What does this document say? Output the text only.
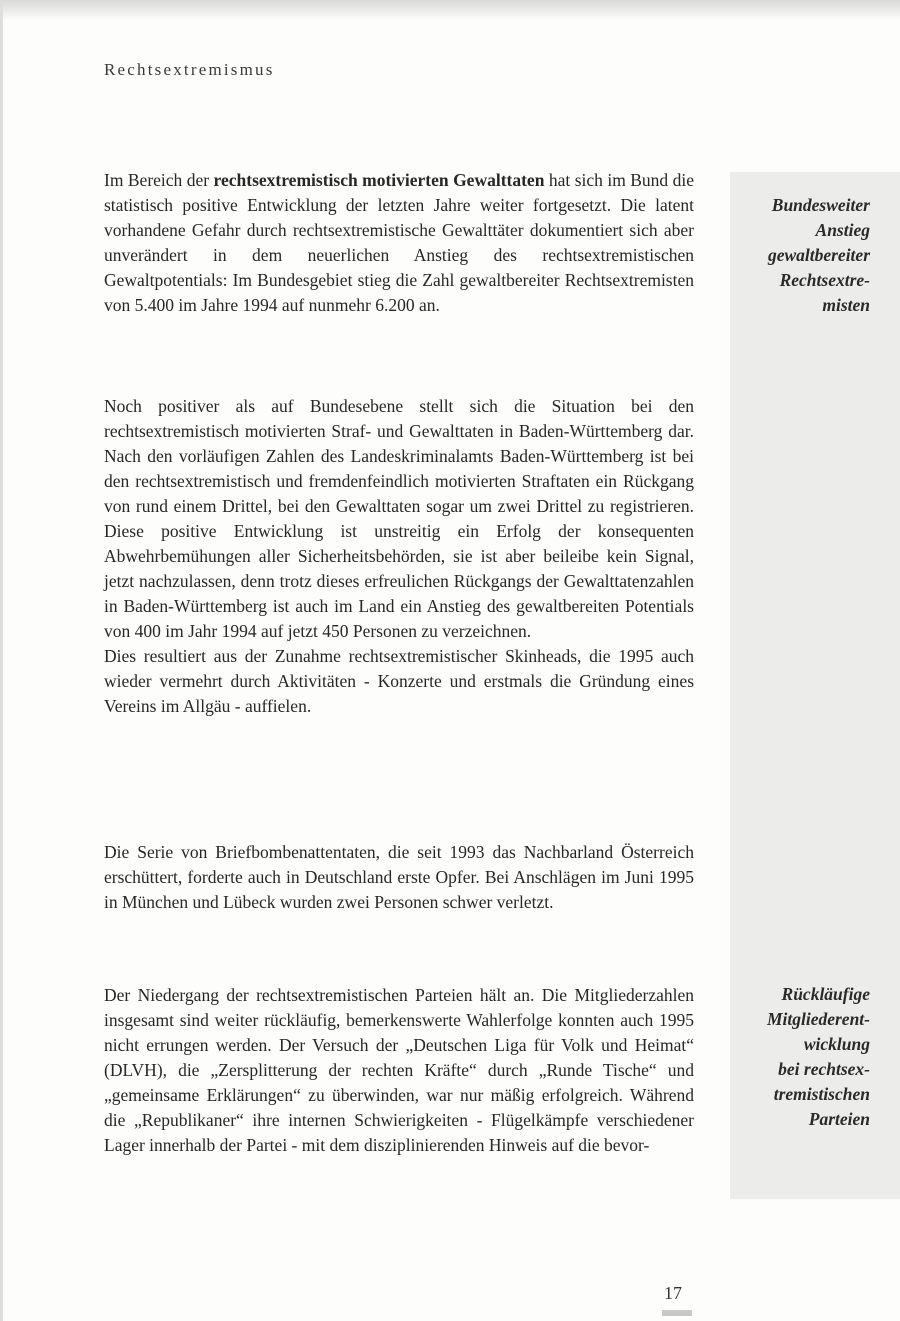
Rechtsextremismus
Bundesweiter
Anstieg
gewaltbereiter
Rechtsextre-
misten
Rückläufige
Mitgliederent-
wicklung
bei rechtsex-
tremistischen
Parteien

Im Bereich der rechtsextremistisch motivierten Gewalttaten hat sich im Bund die statistisch positive Entwicklung der letzten Jahre weiter fortgesetzt. Die latent vorhandene Gefahr durch rechtsextremistische Gewalttäter dokumentiert sich aber unverändert in dem neuerlichen Anstieg des rechtsextremistischen Gewaltpotentials: Im Bundesgebiet stieg die Zahl gewaltbereiter Rechtsextremisten von 5.400 im Jahre 1994 auf nunmehr 6.200 an.

Noch positiver als auf Bundesebene stellt sich die Situation bei den rechtsextremistisch motivierten Straf- und Gewalttaten in Baden-Württemberg dar. Nach den vorläufigen Zahlen des Landeskriminalamts Baden-Württemberg ist bei den rechtsextremistisch und fremdenfeindlich motivierten Straftaten ein Rückgang von rund einem Drittel, bei den Gewalttaten sogar um zwei Drittel zu registrieren. Diese positive Entwicklung ist unstreitig ein Erfolg der konsequenten Abwehrbemühungen aller Sicherheitsbehörden, sie ist aber beileibe kein Signal, jetzt nachzulassen, denn trotz dieses erfreulichen Rückgangs der Gewalttatenzahlen in Baden-Württemberg ist auch im Land ein Anstieg des gewaltbereiten Potentials von 400 im Jahr 1994 auf jetzt 450 Personen zu verzeichnen.
Dies resultiert aus der Zunahme rechtsextremistischer Skinheads, die 1995 auch wieder vermehrt durch Aktivitäten - Konzerte und erstmals die Gründung eines Vereins im Allgäu - auffielen.

Die Serie von Briefbombenattentaten, die seit 1993 das Nachbarland Österreich erschüttert, forderte auch in Deutschland erste Opfer. Bei Anschlägen im Juni 1995 in München und Lübeck wurden zwei Personen schwer verletzt.

Der Niedergang der rechtsextremistischen Parteien hält an. Die Mitgliederzahlen insgesamt sind weiter rückläufig, bemerkenswerte Wahlerfolge konnten auch 1995 nicht errungen werden. Der Versuch der „Deutschen Liga für Volk und Heimat“ (DLVH), die „Zersplitterung der rechten Kräfte“ durch „Runde Tische“ und „gemeinsame Erklärungen“ zu überwinden, war nur mäßig erfolgreich. Während die „Republikaner“ ihre internen Schwierigkeiten - Flügelkämpfe verschiedener Lager innerhalb der Partei - mit dem disziplinierenden Hinweis auf die bevor-

17
